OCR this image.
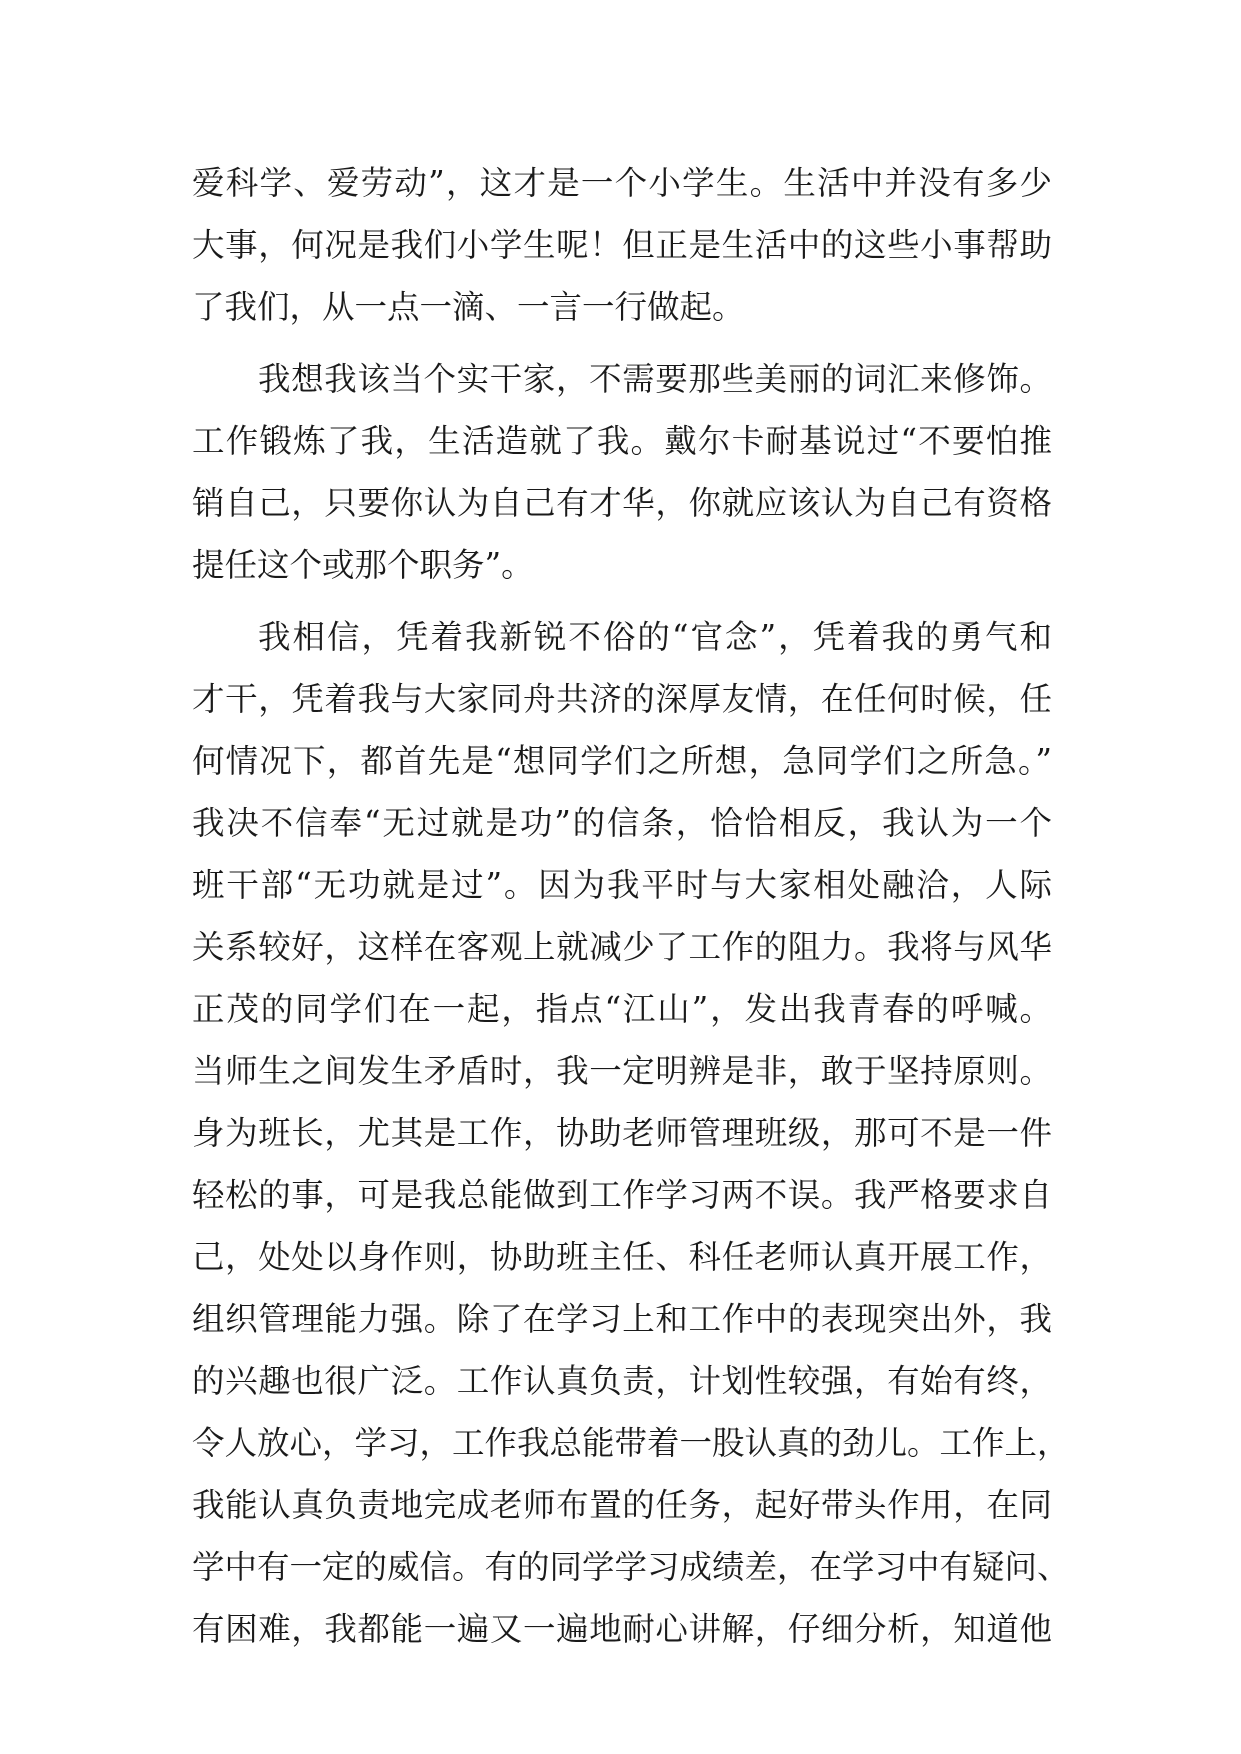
爱科学、爱劳动”，这才是一个小学生。生活中并没有多少
大事，何况是我们小学生呢！但正是生活中的这些小事帮助
了我们，从一点一滴、一言一行做起。
我想我该当个实干家，不需要那些美丽的词汇来修饰。
工作锻炼了我，生活造就了我。戴尔卡耐基说过“不要怕推
销自己，只要你认为自己有才华，你就应该认为自己有资格
提任这个或那个职务”。
我相信，凭着我新锐不俗的“官念”，凭着我的勇气和
才干，凭着我与大家同舟共济的深厚友情，在任何时候，任
何情况下，都首先是“想同学们之所想，急同学们之所急。”
我决不信奉“无过就是功”的信条，恰恰相反，我认为一个
班干部“无功就是过”。因为我平时与大家相处融洽，人际
关系较好，这样在客观上就减少了工作的阻力。我将与风华
正茂的同学们在一起，指点“江山”，发出我青春的呼喊。
当师生之间发生矛盾时，我一定明辨是非，敢于坚持原则。
身为班长，尤其是工作，协助老师管理班级，那可不是一件
轻松的事，可是我总能做到工作学习两不误。我严格要求自
己，处处以身作则，协助班主任、科任老师认真开展工作，
组织管理能力强。除了在学习上和工作中的表现突出外，我
的兴趣也很广泛。工作认真负责，计划性较强，有始有终，
令人放心，学习，工作我总能带着一股认真的劲儿。工作上，
我能认真负责地完成老师布置的任务，起好带头作用，在同
学中有一定的威信。有的同学学习成绩差，在学习中有疑问、
有困难，我都能一遍又一遍地耐心讲解，仔细分析，知道他
